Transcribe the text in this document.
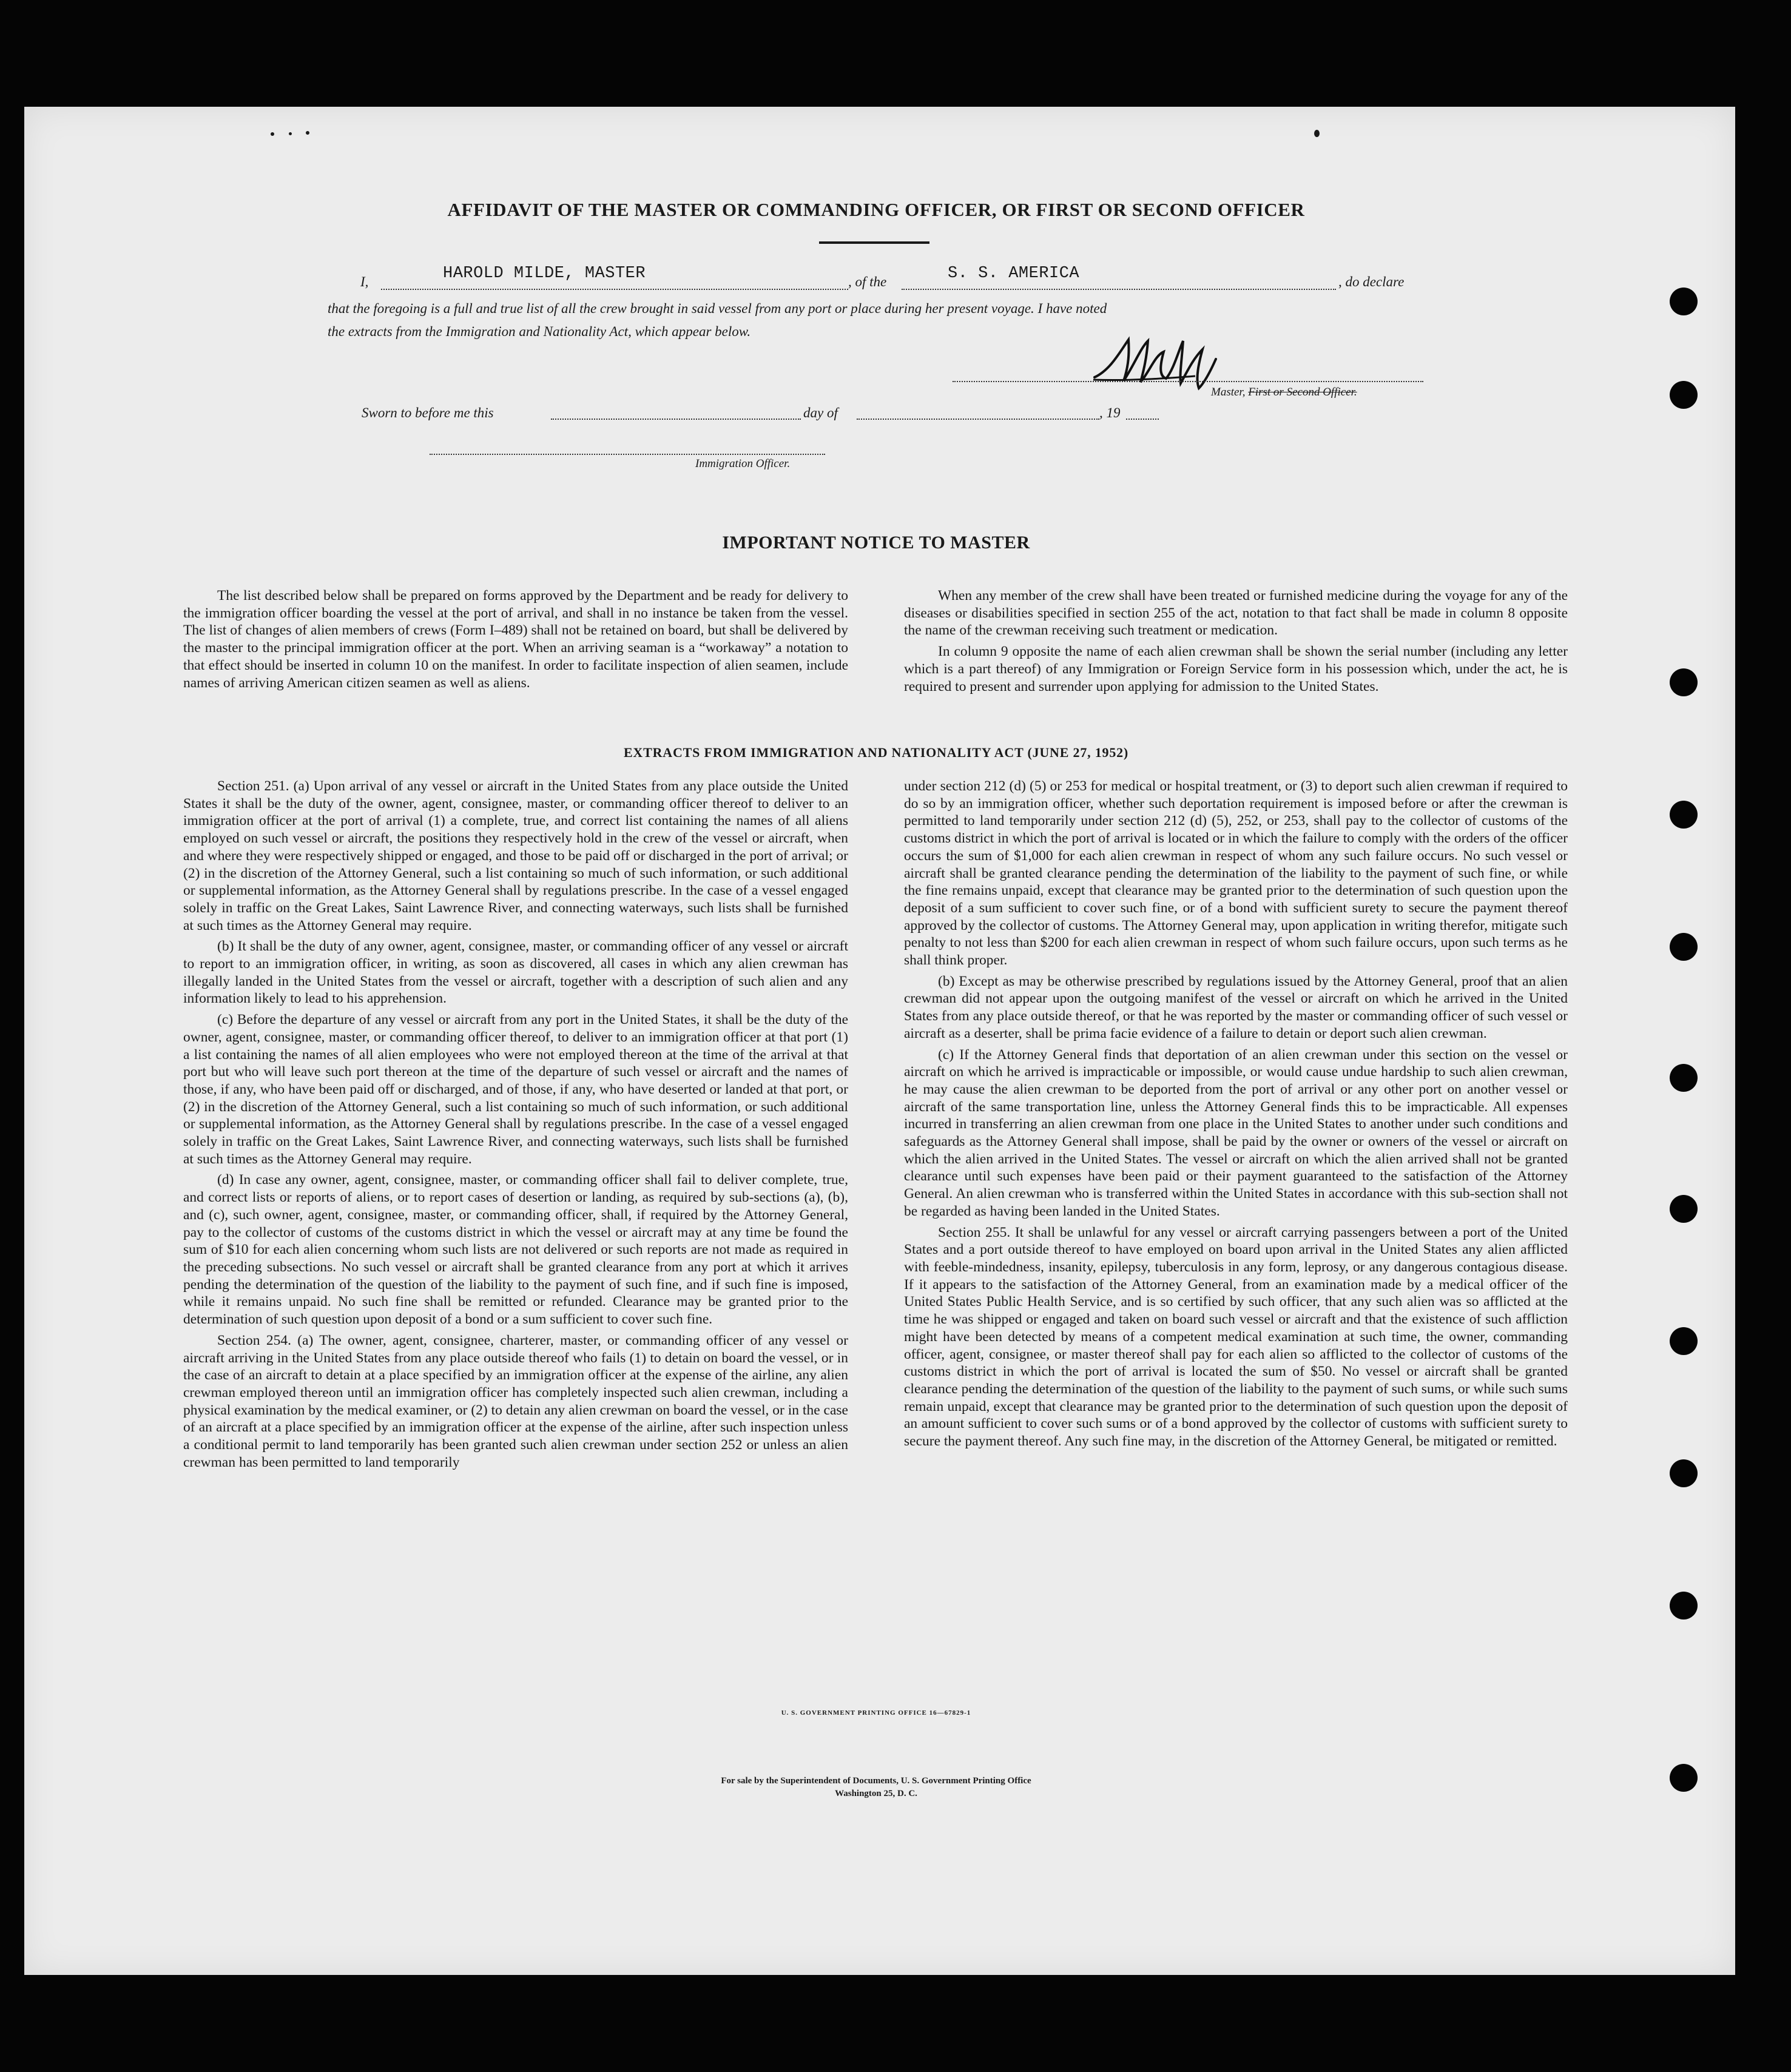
AFFIDAVIT OF THE MASTER OR COMMANDING OFFICER, OR FIRST OR SECOND OFFICER
I,	HAROLD MILDE, MASTER	, of the	S. S. AMERICA	, do declare
that the foregoing is a full and true list of all the crew brought in said vessel from any port or place during her present voyage. I have noted
the extracts from the Immigration and Nationality Act, which appear below.
Master, First or Second Officer.
Sworn to before me this	day of	, 19
Immigration Officer.
IMPORTANT NOTICE TO MASTER

The list described below shall be prepared on forms approved by the Department and be ready for delivery to the immigration officer boarding the vessel at the port of arrival, and shall in no instance be taken from the vessel. The list of changes of alien members of crews (Form I–489) shall not be retained on board, but shall be delivered by the master to the principal immigration officer at the port. When an arriving seaman is a “workaway” a notation to that effect should be inserted in column 10 on the manifest. In order to facilitate inspection of alien seamen, include names of arriving American citizen seamen as well as aliens.

When any member of the crew shall have been treated or furnished medicine during the voyage for any of the diseases or disabilities specified in section 255 of the act, notation to that fact shall be made in column 8 opposite the name of the crewman receiving such treatment or medication.

In column 9 opposite the name of each alien crewman shall be shown the serial number (including any letter which is a part thereof) of any Immigration or Foreign Service form in his possession which, under the act, he is required to present and surrender upon applying for admission to the United States.

EXTRACTS FROM IMMIGRATION AND NATIONALITY ACT (JUNE 27, 1952)

Section 251. (a) Upon arrival of any vessel or aircraft in the United States from any place outside the United States it shall be the duty of the owner, agent, consignee, master, or commanding officer thereof to deliver to an immigration officer at the port of arrival (1) a complete, true, and correct list containing the names of all aliens employed on such vessel or aircraft, the positions they respectively hold in the crew of the vessel or aircraft, when and where they were respectively shipped or engaged, and those to be paid off or discharged in the port of arrival; or (2) in the discretion of the Attorney General, such a list containing so much of such information, or such additional or supplemental information, as the Attorney General shall by regulations prescribe. In the case of a vessel engaged solely in traffic on the Great Lakes, Saint Lawrence River, and connecting waterways, such lists shall be furnished at such times as the Attorney General may require.

(b) It shall be the duty of any owner, agent, consignee, master, or commanding officer of any vessel or aircraft to report to an immigration officer, in writing, as soon as discovered, all cases in which any alien crewman has illegally landed in the United States from the vessel or aircraft, together with a description of such alien and any information likely to lead to his apprehension.

(c) Before the departure of any vessel or aircraft from any port in the United States, it shall be the duty of the owner, agent, consignee, master, or commanding officer thereof, to deliver to an immigration officer at that port (1) a list containing the names of all alien employees who were not employed thereon at the time of the arrival at that port but who will leave such port thereon at the time of the departure of such vessel or aircraft and the names of those, if any, who have been paid off or discharged, and of those, if any, who have deserted or landed at that port, or (2) in the discretion of the Attorney General, such a list containing so much of such information, or such additional or supplemental information, as the Attorney General shall by regulations prescribe. In the case of a vessel engaged solely in traffic on the Great Lakes, Saint Lawrence River, and connecting waterways, such lists shall be furnished at such times as the Attorney General may require.

(d) In case any owner, agent, consignee, master, or commanding officer shall fail to deliver complete, true, and correct lists or reports of aliens, or to report cases of desertion or landing, as required by sub-sections (a), (b), and (c), such owner, agent, consignee, master, or commanding officer, shall, if required by the Attorney General, pay to the collector of customs of the customs district in which the vessel or aircraft may at any time be found the sum of $10 for each alien concerning whom such lists are not delivered or such reports are not made as required in the preceding subsections. No such vessel or aircraft shall be granted clearance from any port at which it arrives pending the determination of the question of the liability to the payment of such fine, and if such fine is imposed, while it remains unpaid. No such fine shall be remitted or refunded. Clearance may be granted prior to the determination of such question upon deposit of a bond or a sum sufficient to cover such fine.

Section 254. (a) The owner, agent, consignee, charterer, master, or commanding officer of any vessel or aircraft arriving in the United States from any place outside thereof who fails (1) to detain on board the vessel, or in the case of an aircraft to detain at a place specified by an immigration officer at the expense of the airline, any alien crewman employed thereon until an immigration officer has completely inspected such alien crewman, including a physical examination by the medical examiner, or (2) to detain any alien crewman on board the vessel, or in the case of an aircraft at a place specified by an immigration officer at the expense of the airline, after such inspection unless a conditional permit to land temporarily has been granted such alien crewman under section 252 or unless an alien crewman has been permitted to land temporarily

under section 212 (d) (5) or 253 for medical or hospital treatment, or (3) to deport such alien crewman if required to do so by an immigration officer, whether such deportation requirement is imposed before or after the crewman is permitted to land temporarily under section 212 (d) (5), 252, or 253, shall pay to the collector of customs of the customs district in which the port of arrival is located or in which the failure to comply with the orders of the officer occurs the sum of $1,000 for each alien crewman in respect of whom any such failure occurs. No such vessel or aircraft shall be granted clearance pending the determination of the liability to the payment of such fine, or while the fine remains unpaid, except that clearance may be granted prior to the determination of such question upon the deposit of a sum sufficient to cover such fine, or of a bond with sufficient surety to secure the payment thereof approved by the collector of customs. The Attorney General may, upon application in writing therefor, mitigate such penalty to not less than $200 for each alien crewman in respect of whom such failure occurs, upon such terms as he shall think proper.

(b) Except as may be otherwise prescribed by regulations issued by the Attorney General, proof that an alien crewman did not appear upon the outgoing manifest of the vessel or aircraft on which he arrived in the United States from any place outside thereof, or that he was reported by the master or commanding officer of such vessel or aircraft as a deserter, shall be prima facie evidence of a failure to detain or deport such alien crewman.

(c) If the Attorney General finds that deportation of an alien crewman under this section on the vessel or aircraft on which he arrived is impracticable or impossible, or would cause undue hardship to such alien crewman, he may cause the alien crewman to be deported from the port of arrival or any other port on another vessel or aircraft of the same transportation line, unless the Attorney General finds this to be impracticable. All expenses incurred in transferring an alien crewman from one place in the United States to another under such conditions and safeguards as the Attorney General shall impose, shall be paid by the owner or owners of the vessel or aircraft on which the alien arrived in the United States. The vessel or aircraft on which the alien arrived shall not be granted clearance until such expenses have been paid or their payment guaranteed to the satisfaction of the Attorney General. An alien crewman who is transferred within the United States in accordance with this sub-section shall not be regarded as having been landed in the United States.

Section 255. It shall be unlawful for any vessel or aircraft carrying passengers between a port of the United States and a port outside thereof to have employed on board upon arrival in the United States any alien afflicted with feeble-mindedness, insanity, epilepsy, tuberculosis in any form, leprosy, or any dangerous contagious disease. If it appears to the satisfaction of the Attorney General, from an examination made by a medical officer of the United States Public Health Service, and is so certified by such officer, that any such alien was so afflicted at the time he was shipped or engaged and taken on board such vessel or aircraft and that the existence of such affliction might have been detected by means of a competent medical examination at such time, the owner, commanding officer, agent, consignee, or master thereof shall pay for each alien so afflicted to the collector of customs of the customs district in which the port of arrival is located the sum of $50. No vessel or aircraft shall be granted clearance pending the determination of the question of the liability to the payment of such sums, or while such sums remain unpaid, except that clearance may be granted prior to the determination of such question upon the deposit of an amount sufficient to cover such sums or of a bond approved by the collector of customs with sufficient surety to secure the payment thereof. Any such fine may, in the discretion of the Attorney General, be mitigated or remitted.

U. S. GOVERNMENT PRINTING OFFICE 16—67829-1
For sale by the Superintendent of Documents, U. S. Government Printing Office
Washington 25, D. C.
